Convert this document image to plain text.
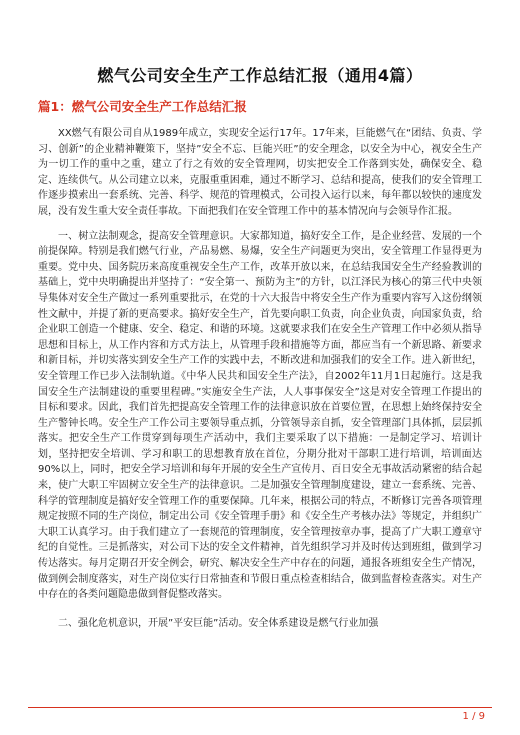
燃气公司安全生产工作总结汇报（通用4篇）
篇1：燃气公司安全生产工作总结汇报

XX燃气有限公司自从1989年成立，实现安全运行17年。17年来，巨能燃气在“团结、负责、学习、创新”的企业精神鞭策下，坚持”安全不忘、巨能兴旺”的安全理念，以安全为中心，视安全生产为一切工作的重中之重，建立了行之有效的安全管理网，切实把安全工作落到实处，确保安全、稳定、连续供气。从公司建立以来，克服重重困难，通过不断学习、总结和提高，使我们的安全管理工作逐步摸索出一套系统、完善、科学、规范的管理模式，公司投入运行以来，每年都以较快的速度发展，没有发生重大安全责任事故。下面把我们在安全管理工作中的基本情况向与会领导作汇报。

一、树立法制观念，提高安全管理意识。大家都知道，搞好安全工作，是企业经营、发展的一个前提保障。特别是我们燃气行业，产品易燃、易爆，安全生产问题更为突出，安全管理工作显得更为重要。党中央、国务院历来高度重视安全生产工作，改革开放以来，在总结我国安全生产经验教训的基础上，党中央明确提出并坚持了：“安全第一、预防为主”的方针，以江泽民为核心的第三代中央领导集体对安全生产做过一系列重要批示，在党的十六大报告中将安全生产作为重要内容写入这份纲领性文献中，并提了新的更高要求。搞好安全生产，首先要向职工负责，向企业负责，向国家负责，给企业职工创造一个健康、安全、稳定、和谐的环境。这就要求我们在安全生产管理工作中必须从指导思想和目标上，从工作内容和方式方法上，从管理手段和措施等方面，都应当有一个新思路、新要求和新目标，并切实落实到安全生产工作的实践中去，不断改进和加强我们的安全工作。进入新世纪，安全管理工作已步入法制轨道。《中华人民共和国安全生产法》，自2002年11月1日起施行。这是我国安全生产法制建设的重要里程碑。”实施安全生产法，人人事事保安全”这是对安全管理工作提出的目标和要求。因此，我们首先把提高安全管理工作的法律意识放在首要位置，在思想上始终保持安全生产警钟长鸣。安全生产工作公司主要领导重点抓，分管领导亲自抓，安全管理部门具体抓，层层抓落实。把安全生产工作贯穿到每项生产活动中，我们主要采取了以下措施：一是制定学习、培训计划，坚持把安全培训、学习和职工的思想教育放在首位，分期分批对干部职工进行培训，培训面达90%以上，同时，把安全学习培训和每年开展的安全生产宣传月、百日安全无事故活动紧密的结合起来，使广大职工牢固树立安全生产的法律意识。二是加强安全管理制度建设，建立一套系统、完善、科学的管理制度是搞好安全管理工作的重要保障。几年来，根据公司的特点，不断修订完善各项管理规定按照不同的生产岗位，制定出公司《安全管理手册》和《安全生产考核办法》等规定，并组织广大职工认真学习。由于我们建立了一套规范的管理制度，安全管理按章办事，提高了广大职工遵章守纪的自觉性。三是抓落实，对公司下达的安全文件精神，首先组织学习并及时传达到班组，做到学习传达落实。每月定期召开安全例会，研究、解决安全生产中存在的问题，通报各班组安全生产情况，做到例会制度落实，对生产岗位实行日常抽查和节假日重点检查相结合，做到监督检查落实。对生产中存在的各类问题隐患做到督促整改落实。

二、强化危机意识，开展”平安巨能”活动。安全体系建设是燃气行业加强

1 / 9
